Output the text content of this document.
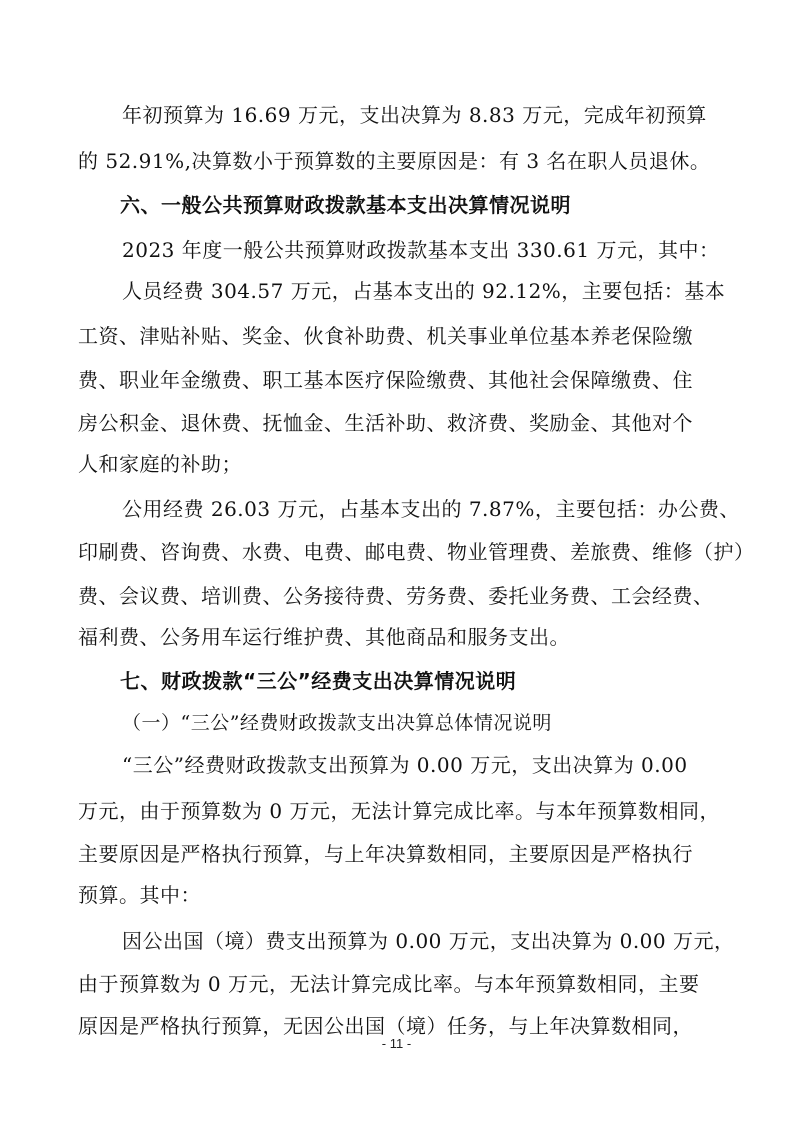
年初预算为 16.69 万元，支出决算为 8.83 万元，完成年初预算
的 52.91%,决算数小于预算数的主要原因是：有 3 名在职人员退休。
六、一般公共预算财政拨款基本支出决算情况说明
2023 年度一般公共预算财政拨款基本支出 330.61 万元，其中：
人员经费 304.57 万元，占基本支出的 92.12%，主要包括：基本
工资、津贴补贴、奖金、伙食补助费、机关事业单位基本养老保险缴
费、职业年金缴费、职工基本医疗保险缴费、其他社会保障缴费、住
房公积金、退休费、抚恤金、生活补助、救济费、奖励金、其他对个
人和家庭的补助；
公用经费 26.03 万元，占基本支出的 7.87%，主要包括：办公费、
印刷费、咨询费、水费、电费、邮电费、物业管理费、差旅费、维修（护）
费、会议费、培训费、公务接待费、劳务费、委托业务费、工会经费、
福利费、公务用车运行维护费、其他商品和服务支出。
七、财政拨款“三公”经费支出决算情况说明
（一）“三公”经费财政拨款支出决算总体情况说明
“三公”经费财政拨款支出预算为 0.00 万元，支出决算为 0.00
万元，由于预算数为 0 万元，无法计算完成比率。与本年预算数相同，
主要原因是严格执行预算，与上年决算数相同，主要原因是严格执行
预算。其中：
因公出国（境）费支出预算为 0.00 万元，支出决算为 0.00 万元，
由于预算数为 0 万元，无法计算完成比率。与本年预算数相同，主要
原因是严格执行预算，无因公出国（境）任务，与上年决算数相同，
- 11 -
